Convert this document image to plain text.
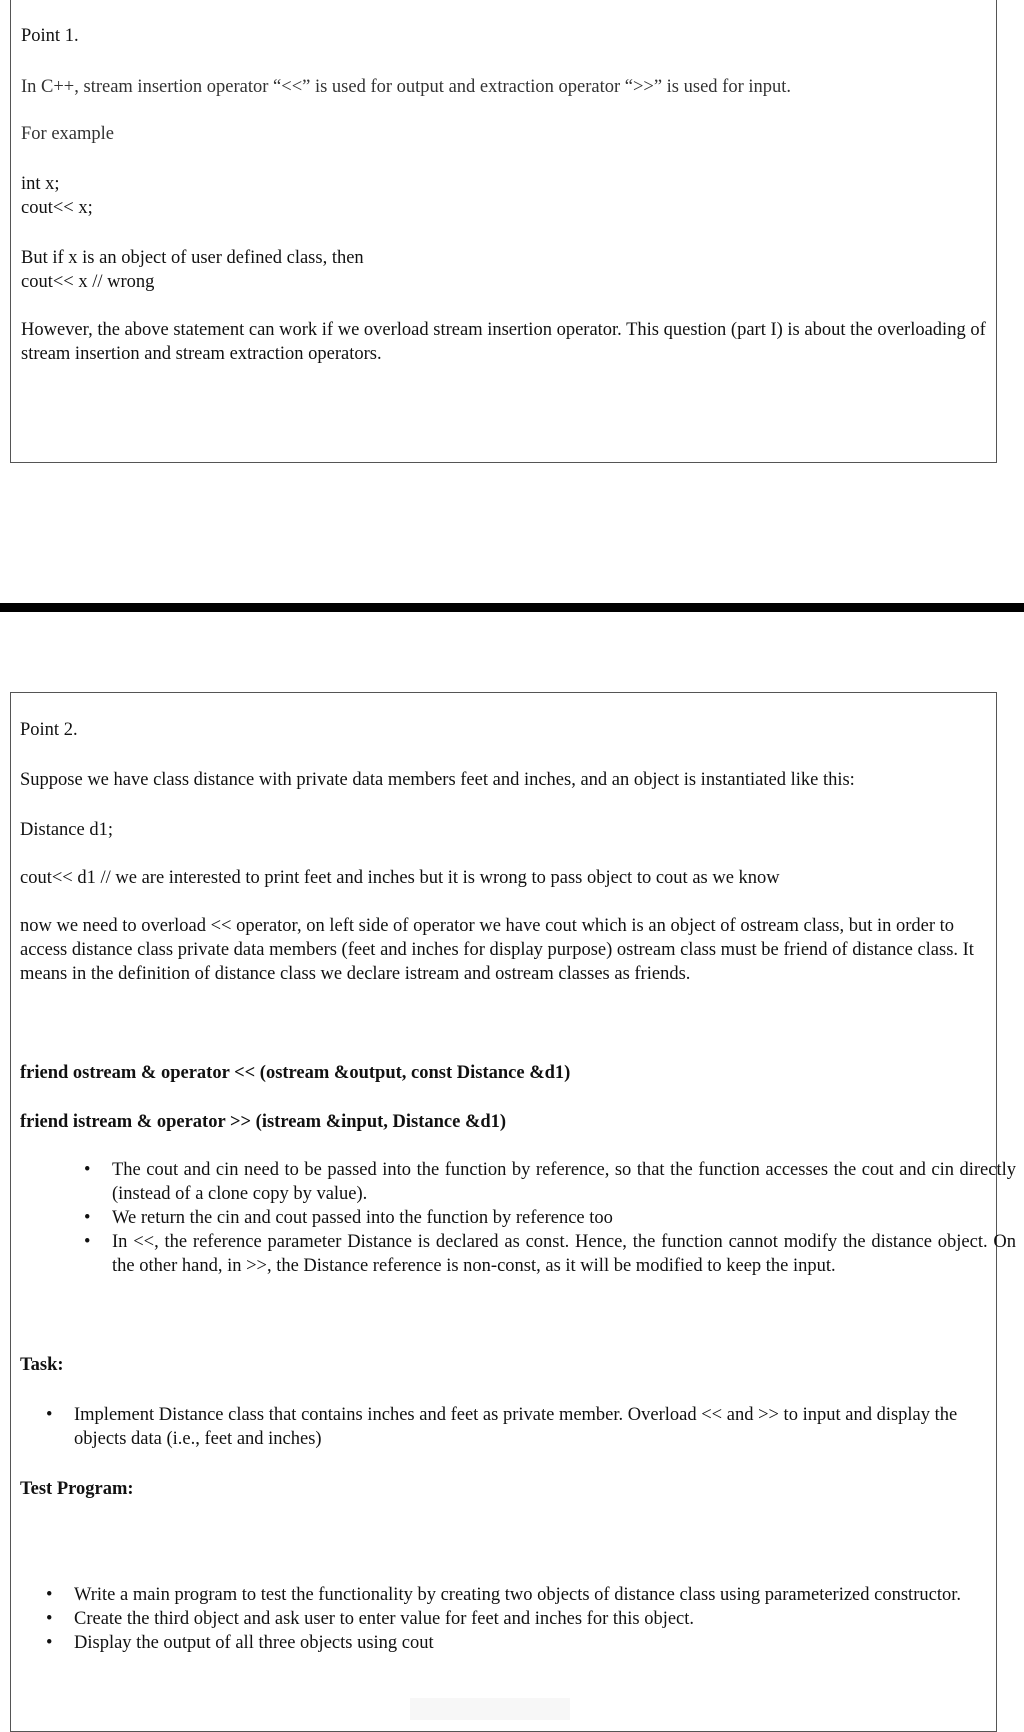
Point 1.

In C++, stream insertion operator “<<” is used for output and extraction operator “>>” is used for input.

For example

int x;

cout<< x;

But if x is an object of user defined class, then

cout<< x // wrong

However, the above statement can work if we overload stream insertion operator. This question (part I) is about the overloading of stream insertion and stream extraction operators.

Point 2.

Suppose we have class distance with private data members feet and inches, and an object is instantiated like this:

Distance d1;

cout<< d1 // we are interested to print feet and inches but it is wrong to pass object to cout as we know

now we need to overload << operator, on left side of operator we have cout which is an object of ostream class, but in order to access distance class private data members (feet and inches for display purpose) ostream class must be friend of distance class. It means in the definition of distance class we declare istream and ostream classes as friends.

friend ostream & operator << (ostream &output, const Distance &d1)

friend istream & operator >> (istream &input, Distance &d1)

• The cout and cin need to be passed into the function by reference, so that the function accesses the cout and cin directly (instead of a clone copy by value).
• We return the cin and cout passed into the function by reference too
• In <<, the reference parameter Distance is declared as const. Hence, the function cannot modify the distance object. On the other hand, in >>, the Distance reference is non-const, as it will be modified to keep the input.

Task:

• Implement Distance class that contains inches and feet as private member. Overload << and >> to input and display the objects data (i.e., feet and inches)

Test Program:

• Write a main program to test the functionality by creating two objects of distance class using parameterized constructor.
• Create the third object and ask user to enter value for feet and inches for this object.
• Display the output of all three objects using cout
